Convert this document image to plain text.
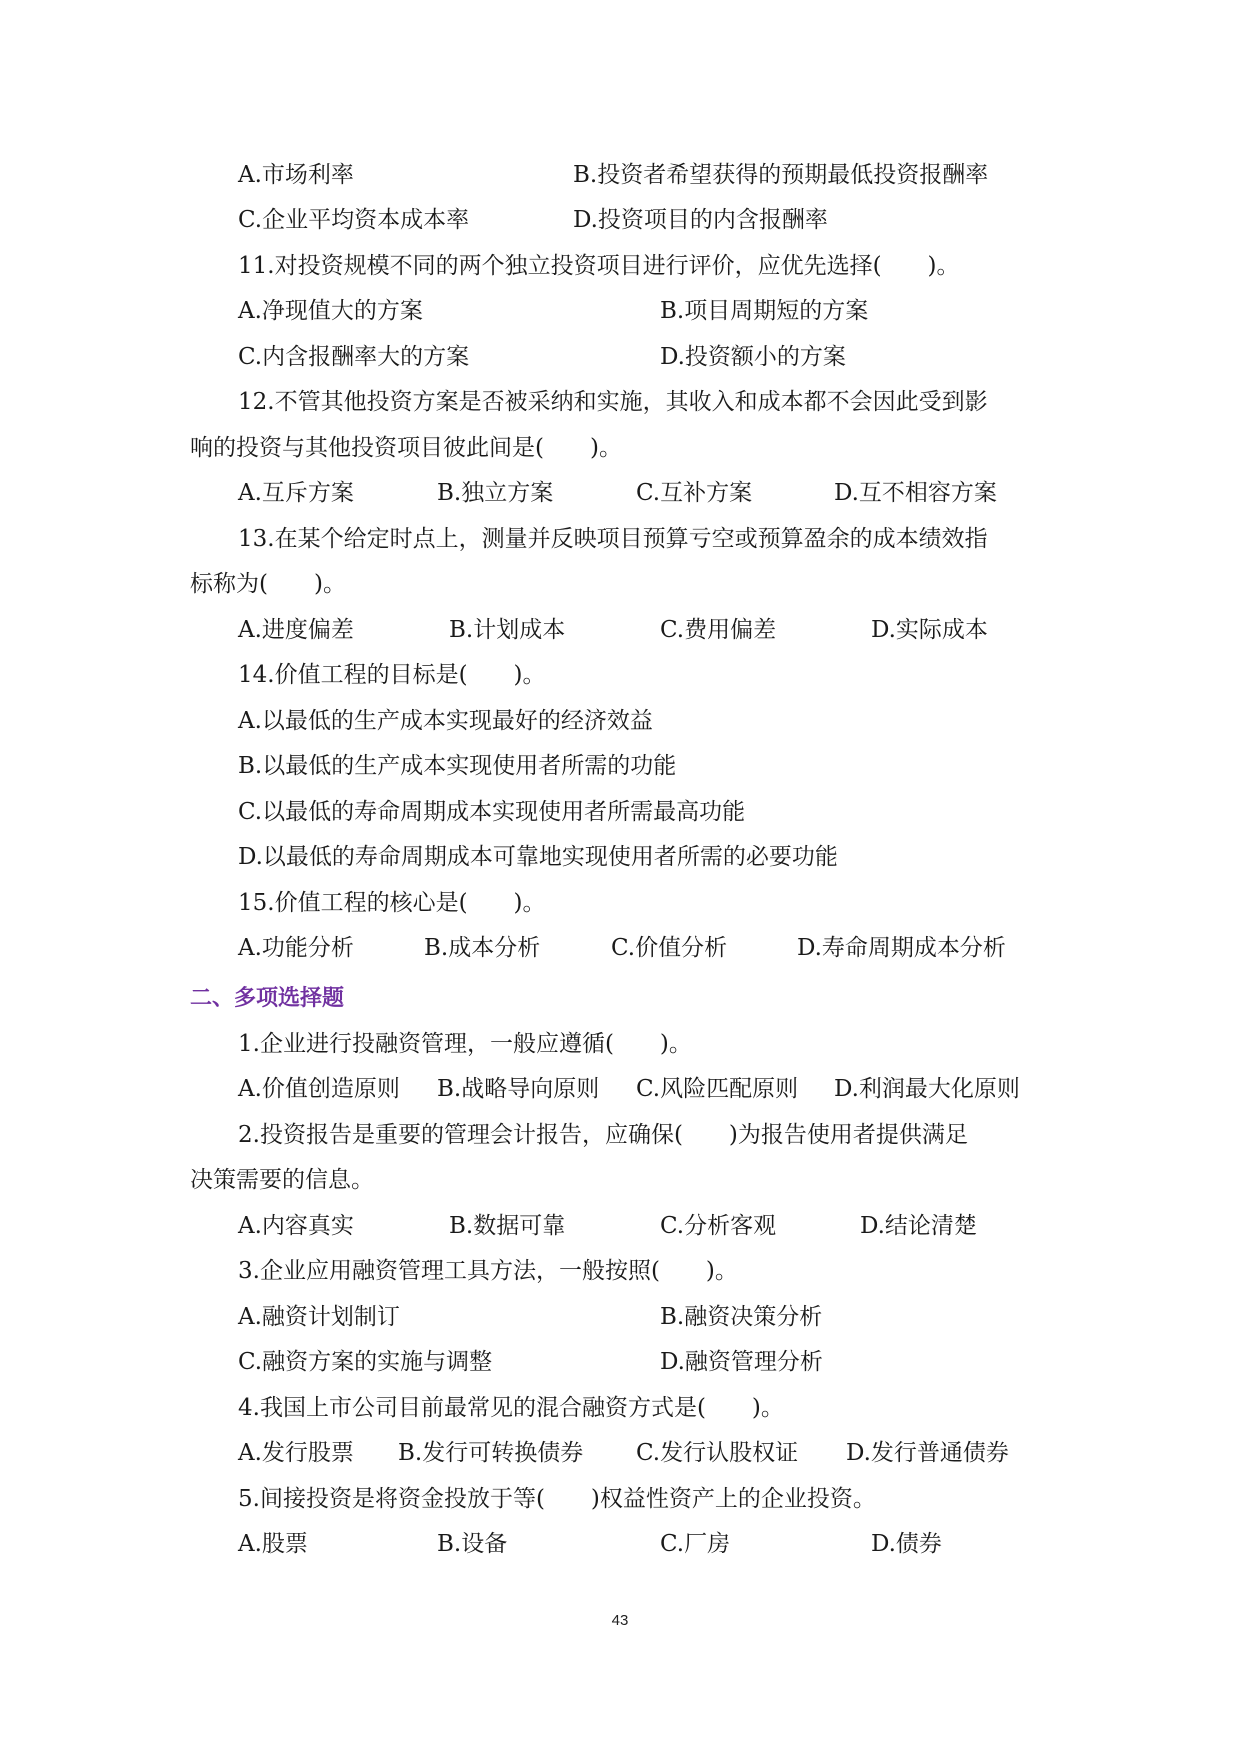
A.市场利率	B.投资者希望获得的预期最低投资报酬率
C.企业平均资本成本率	D.投资项目的内含报酬率
11.对投资规模不同的两个独立投资项目进行评价，应优先选择(　　)。
A.净现值大的方案	B.项目周期短的方案
C.内含报酬率大的方案	D.投资额小的方案
12.不管其他投资方案是否被采纳和实施，其收入和成本都不会因此受到影
响的投资与其他投资项目彼此间是(　　)。
A.互斥方案	B.独立方案	C.互补方案	D.互不相容方案
13.在某个给定时点上，测量并反映项目预算亏空或预算盈余的成本绩效指
标称为(　　)。
A.进度偏差	B.计划成本	C.费用偏差	D.实际成本
14.价值工程的目标是(　　)。
A.以最低的生产成本实现最好的经济效益
B.以最低的生产成本实现使用者所需的功能
C.以最低的寿命周期成本实现使用者所需最高功能
D.以最低的寿命周期成本可靠地实现使用者所需的必要功能
15.价值工程的核心是(　　)。
A.功能分析	B.成本分析	C.价值分析	D.寿命周期成本分析
二、多项选择题
1.企业进行投融资管理，一般应遵循(　　)。
A.价值创造原则 B.战略导向原则 C.风险匹配原则 D.利润最大化原则
2.投资报告是重要的管理会计报告，应确保(　　)为报告使用者提供满足
决策需要的信息。
A.内容真实	B.数据可靠	C.分析客观	D.结论清楚
3.企业应用融资管理工具方法，一般按照(　　)。
A.融资计划制订	B.融资决策分析
C.融资方案的实施与调整	D.融资管理分析
4.我国上市公司目前最常见的混合融资方式是(　　)。
A.发行股票 B.发行可转换债券 C.发行认股权证 D.发行普通债券
5.间接投资是将资金投放于等(　　)权益性资产上的企业投资。
A.股票	B.设备	C.厂房	D.债券
43
